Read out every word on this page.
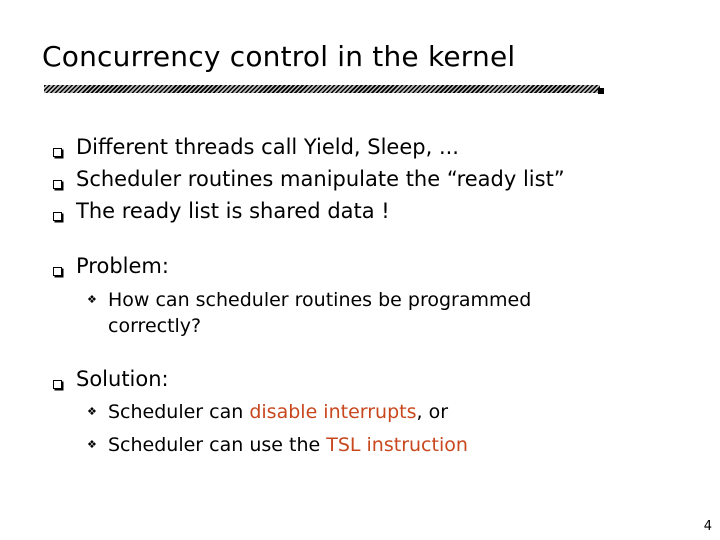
Concurrency control in the kernel
Different threads call Yield, Sleep, ...
Scheduler routines manipulate the “ready list”
The ready list is shared data !
Problem:
❖ How can scheduler routines be programmed
correctly?
Solution:
❖ Scheduler can disable interrupts, or
❖ Scheduler can use the TSL instruction
4
